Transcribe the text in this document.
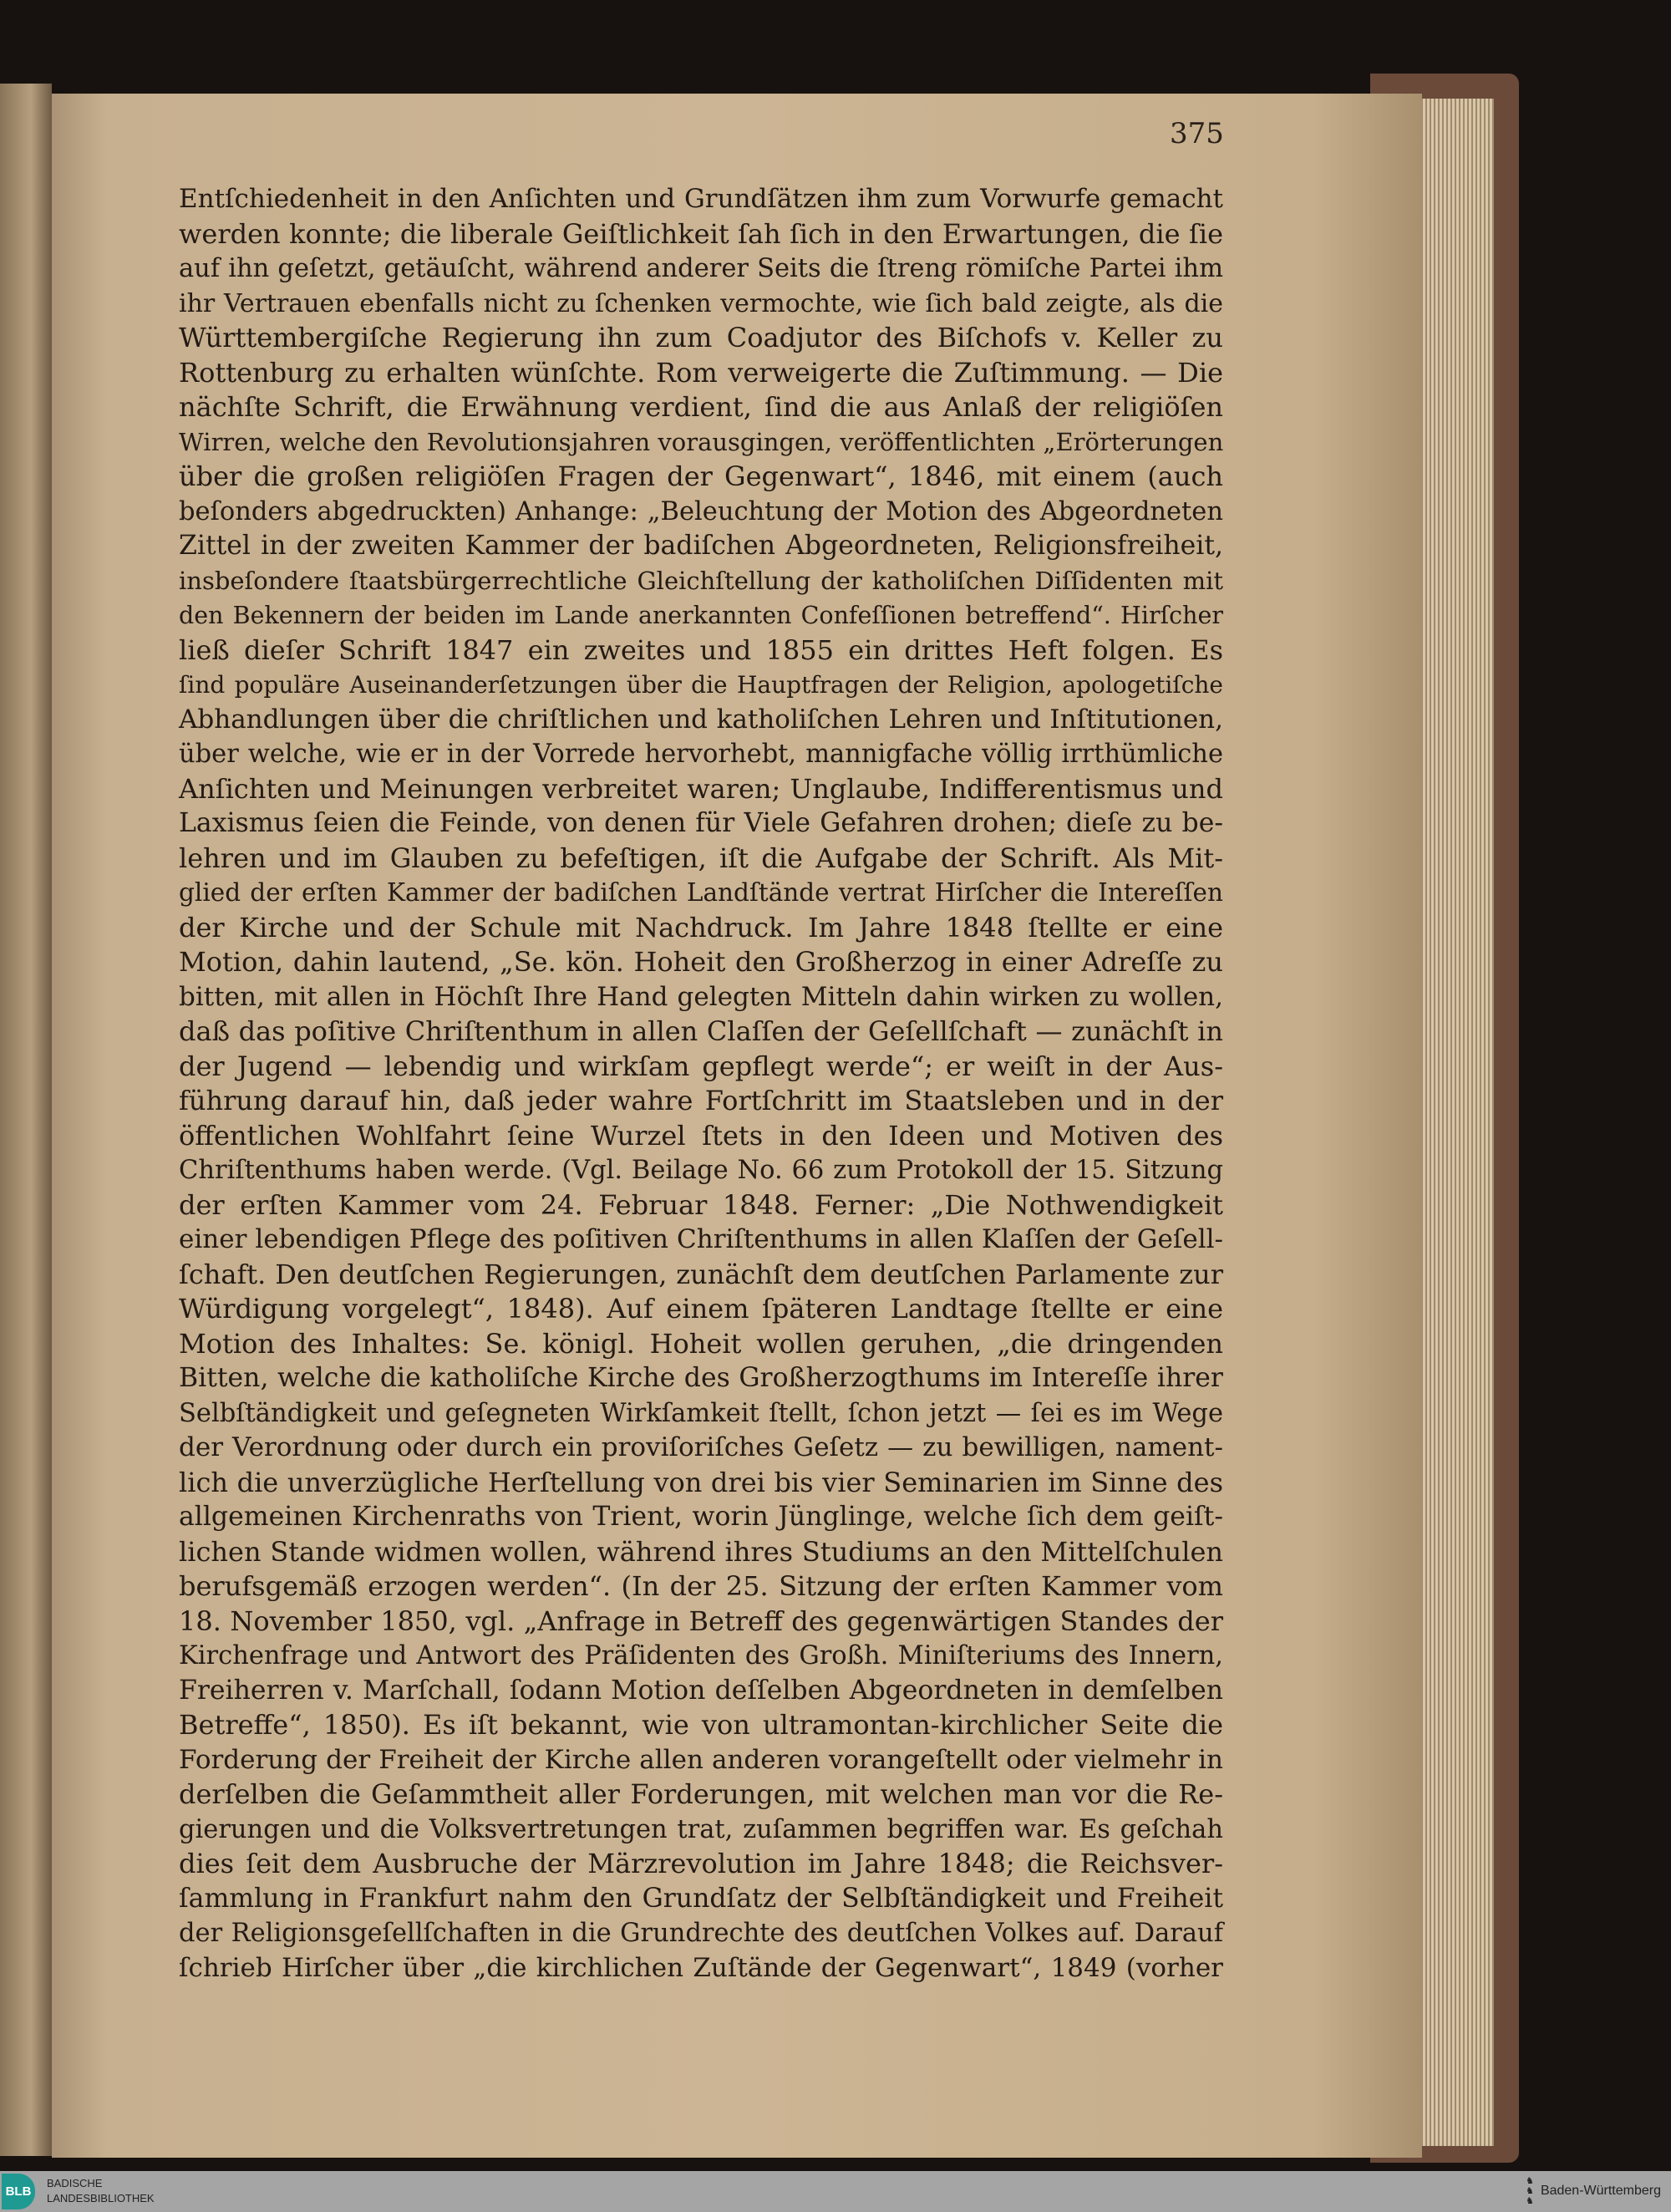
375
Entſchiedenheit in den Anſichten und Grundſätzen ihm zum Vorwurfe gemacht
werden konnte; die liberale Geiſtlichkeit ſah ſich in den Erwartungen, die ſie
auf ihn geſetzt, getäuſcht, während anderer Seits die ſtreng römiſche Partei ihm
ihr Vertrauen ebenfalls nicht zu ſchenken vermochte, wie ſich bald zeigte, als die
Württembergiſche Regierung ihn zum Coadjutor des Biſchofs v. Keller zu
Rottenburg zu erhalten wünſchte. Rom verweigerte die Zuſtimmung. — Die
nächſte Schrift, die Erwähnung verdient, ſind die aus Anlaß der religiöſen
Wirren, welche den Revolutionsjahren vorausgingen, veröffentlichten „Erörterungen
über die großen religiöſen Fragen der Gegenwart“, 1846, mit einem (auch
beſonders abgedruckten) Anhange: „Beleuchtung der Motion des Abgeordneten
Zittel in der zweiten Kammer der badiſchen Abgeordneten, Religionsfreiheit,
insbeſondere ſtaatsbürgerrechtliche Gleichſtellung der katholiſchen Diſſidenten mit
den Bekennern der beiden im Lande anerkannten Confeſſionen betreffend“. Hirſcher
ließ dieſer Schrift 1847 ein zweites und 1855 ein drittes Heft folgen. Es
ſind populäre Auseinanderſetzungen über die Hauptfragen der Religion, apologetiſche
Abhandlungen über die chriſtlichen und katholiſchen Lehren und Inſtitutionen,
über welche, wie er in der Vorrede hervorhebt, mannigfache völlig irrthümliche
Anſichten und Meinungen verbreitet waren; Unglaube, Indifferentismus und
Laxismus ſeien die Feinde, von denen für Viele Gefahren drohen; dieſe zu be-
lehren und im Glauben zu befeſtigen, iſt die Aufgabe der Schrift. Als Mit-
glied der erſten Kammer der badiſchen Landſtände vertrat Hirſcher die Intereſſen
der Kirche und der Schule mit Nachdruck. Im Jahre 1848 ſtellte er eine
Motion, dahin lautend, „Se. kön. Hoheit den Großherzog in einer Adreſſe zu
bitten, mit allen in Höchſt Ihre Hand gelegten Mitteln dahin wirken zu wollen,
daß das poſitive Chriſtenthum in allen Claſſen der Geſellſchaft — zunächſt in
der Jugend — lebendig und wirkſam gepflegt werde“; er weiſt in der Aus-
führung darauf hin, daß jeder wahre Fortſchritt im Staatsleben und in der
öffentlichen Wohlfahrt ſeine Wurzel ſtets in den Ideen und Motiven des
Chriſtenthums haben werde. (Vgl. Beilage No. 66 zum Protokoll der 15. Sitzung
der erſten Kammer vom 24. Februar 1848. Ferner: „Die Nothwendigkeit
einer lebendigen Pflege des poſitiven Chriſtenthums in allen Klaſſen der Geſell-
ſchaft. Den deutſchen Regierungen, zunächſt dem deutſchen Parlamente zur
Würdigung vorgelegt“, 1848). Auf einem ſpäteren Landtage ſtellte er eine
Motion des Inhaltes: Se. königl. Hoheit wollen geruhen, „die dringenden
Bitten, welche die katholiſche Kirche des Großherzogthums im Intereſſe ihrer
Selbſtändigkeit und geſegneten Wirkſamkeit ſtellt, ſchon jetzt — ſei es im Wege
der Verordnung oder durch ein proviſoriſches Geſetz — zu bewilligen, nament-
lich die unverzügliche Herſtellung von drei bis vier Seminarien im Sinne des
allgemeinen Kirchenraths von Trient, worin Jünglinge, welche ſich dem geiſt-
lichen Stande widmen wollen, während ihres Studiums an den Mittelſchulen
berufsgemäß erzogen werden“. (In der 25. Sitzung der erſten Kammer vom
18. November 1850, vgl. „Anfrage in Betreff des gegenwärtigen Standes der
Kirchenfrage und Antwort des Präſidenten des Großh. Miniſteriums des Innern,
Freiherren v. Marſchall, ſodann Motion deſſelben Abgeordneten in demſelben
Betreffe“, 1850). Es iſt bekannt, wie von ultramontan-kirchlicher Seite die
Forderung der Freiheit der Kirche allen anderen vorangeſtellt oder vielmehr in
derſelben die Geſammtheit aller Forderungen, mit welchen man vor die Re-
gierungen und die Volksvertretungen trat, zuſammen begriffen war. Es geſchah
dies ſeit dem Ausbruche der Märzrevolution im Jahre 1848; die Reichsver-
ſammlung in Frankfurt nahm den Grundſatz der Selbſtändigkeit und Freiheit
der Religionsgeſellſchaften in die Grundrechte des deutſchen Volkes auf. Darauf
ſchrieb Hirſcher über „die kirchlichen Zuſtände der Gegenwart“, 1849 (vorher
BLB
BADISCHE
LANDESBIBLIOTHEK
♞
♞
♞
Baden-Württemberg
